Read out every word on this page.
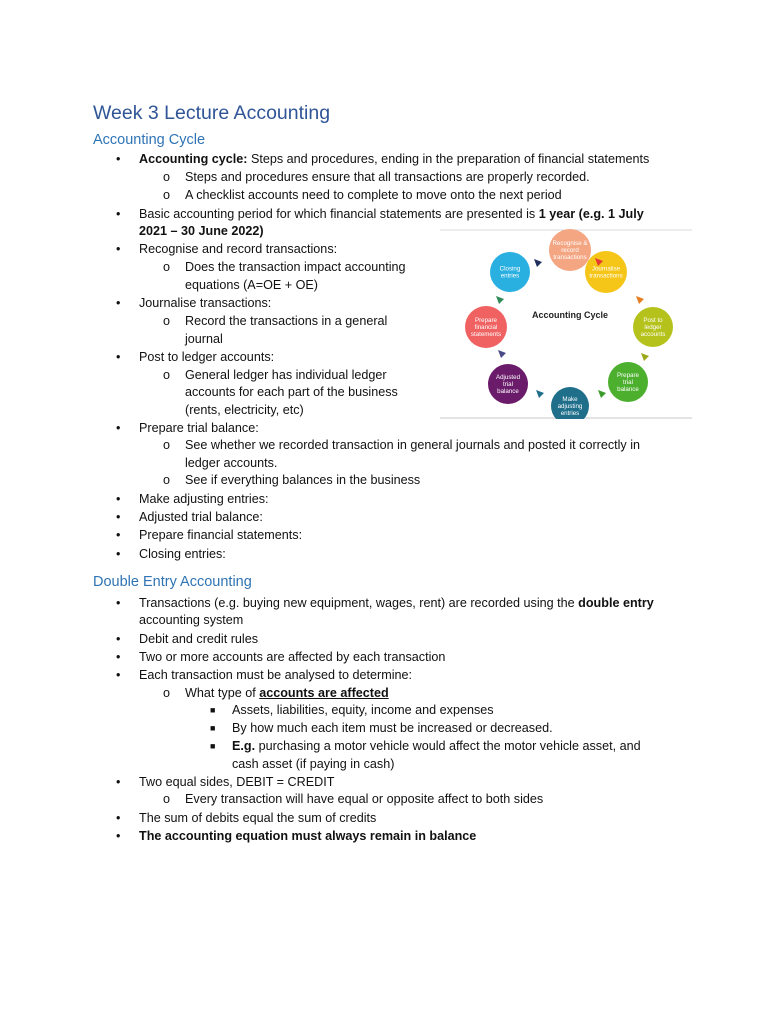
Week 3 Lecture Accounting
Accounting Cycle
• Accounting cycle: Steps and procedures, ending in the preparation of financial statements
o Steps and procedures ensure that all transactions are properly recorded.
o A checklist accounts need to complete to move onto the next period
• Basic accounting period for which financial statements are presented is 1 year (e.g. 1 July
2021 – 30 June 2022)
• Recognise and record transactions:
o Does the transaction impact accounting
equations (A=OE + OE)
• Journalise transactions:
o Record the transactions in a general
journal
• Post to ledger accounts:
o General ledger has individual ledger
accounts for each part of the business
(rents, electricity, etc)
• Prepare trial balance:
o See whether we recorded transaction in general journals and posted it correctly in
ledger accounts.
o See if everything balances in the business
• Make adjusting entries:
• Adjusted trial balance:
• Prepare financial statements:
• Closing entries:
Accounting Cycle
Recognise & record transactions
Journalise transactions
Post to ledger accounts
Prepare trial balance
Make adjusting entries
Adjusted trial balance
Prepare financial statements
Closing entries
Double Entry Accounting
• Transactions (e.g. buying new equipment, wages, rent) are recorded using the double entry
accounting system
• Debit and credit rules
• Two or more accounts are affected by each transaction
• Each transaction must be analysed to determine:
o What type of accounts are affected
■ Assets, liabilities, equity, income and expenses
■ By how much each item must be increased or decreased.
■ E.g. purchasing a motor vehicle would affect the motor vehicle asset, and
cash asset (if paying in cash)
• Two equal sides, DEBIT = CREDIT
o Every transaction will have equal or opposite affect to both sides
• The sum of debits equal the sum of credits
• The accounting equation must always remain in balance
